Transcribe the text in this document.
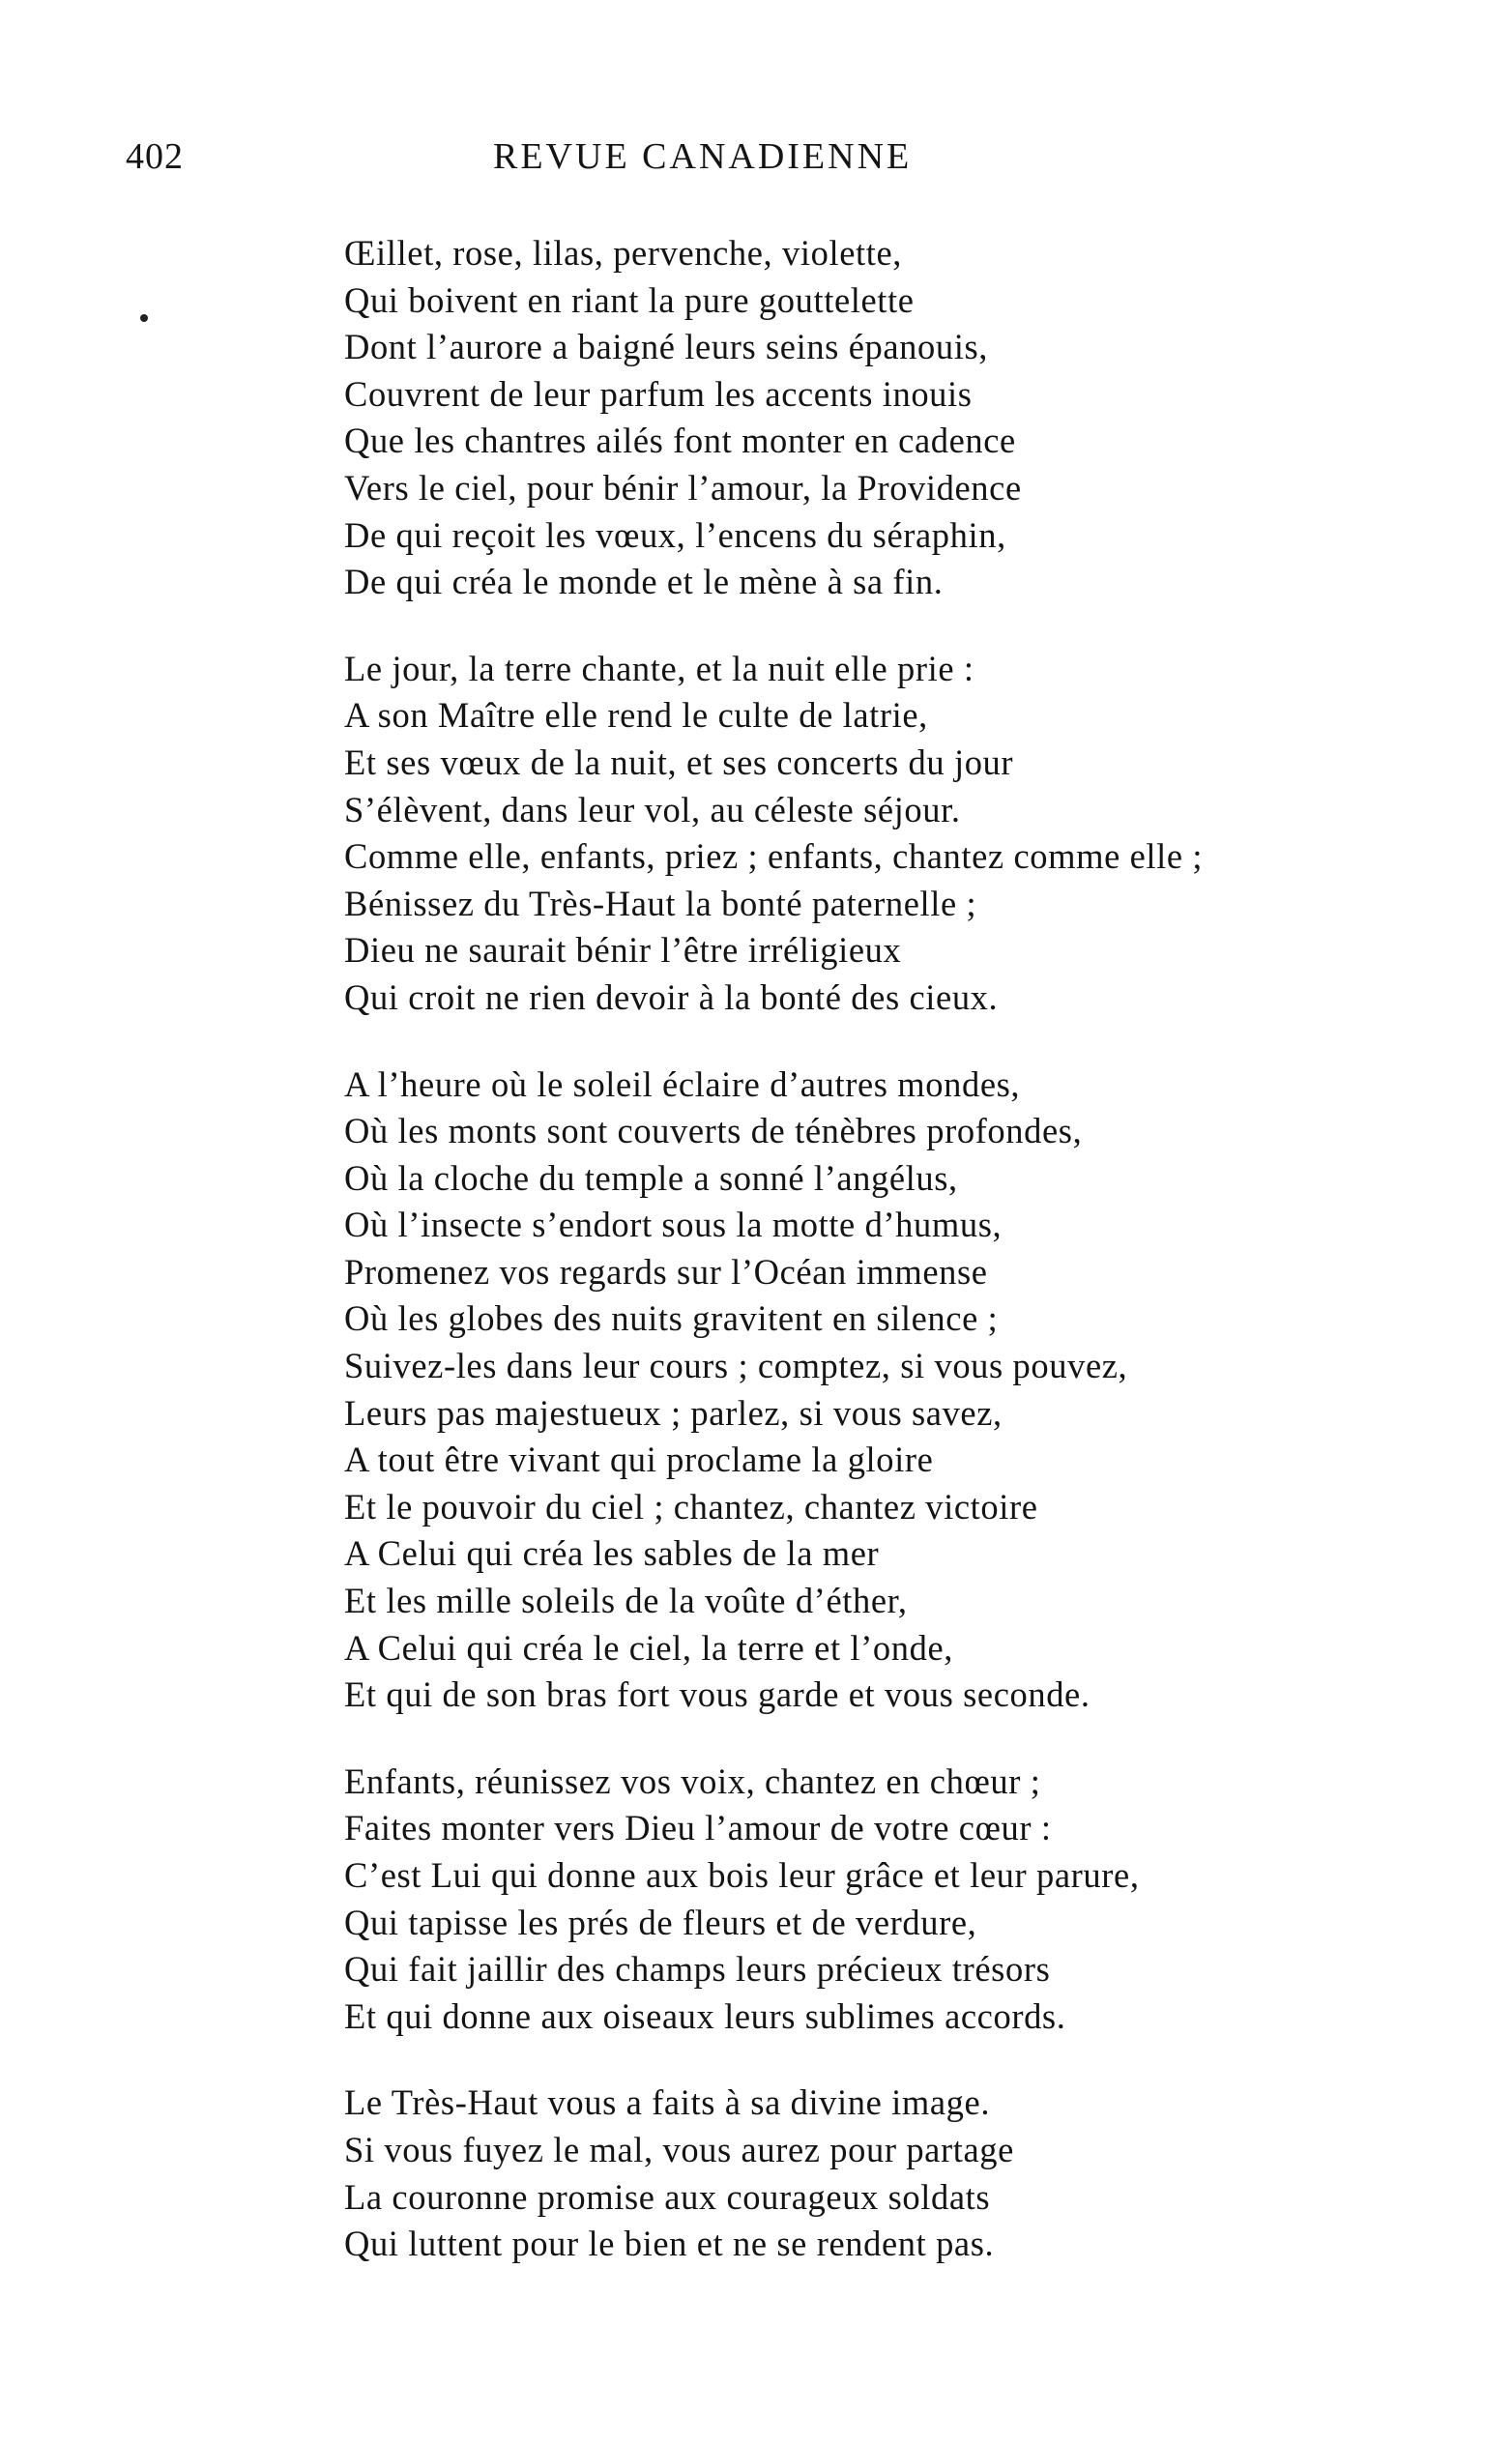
402	REVUE CANADIENNE
Œillet, rose, lilas, pervenche, violette,
Qui boivent en riant la pure gouttelette
Dont l’aurore a baigné leurs seins épanouis,
Couvrent de leur parfum les accents inouis
Que les chantres ailés font monter en cadence
Vers le ciel, pour bénir l’amour, la Providence
De qui reçoit les vœux, l’encens du séraphin,
De qui créa le monde et le mène à sa fin.
Le jour, la terre chante, et la nuit elle prie :
A son Maître elle rend le culte de latrie,
Et ses vœux de la nuit, et ses concerts du jour
S’élèvent, dans leur vol, au céleste séjour.
Comme elle, enfants, priez ; enfants, chantez comme elle ;
Bénissez du Très-Haut la bonté paternelle ;
Dieu ne saurait bénir l’être irréligieux
Qui croit ne rien devoir à la bonté des cieux.
A l’heure où le soleil éclaire d’autres mondes,
Où les monts sont couverts de ténèbres profondes,
Où la cloche du temple a sonné l’angélus,
Où l’insecte s’endort sous la motte d’humus,
Promenez vos regards sur l’Océan immense
Où les globes des nuits gravitent en silence ;
Suivez-les dans leur cours ; comptez, si vous pouvez,
Leurs pas majestueux ; parlez, si vous savez,
A tout être vivant qui proclame la gloire
Et le pouvoir du ciel ; chantez, chantez victoire
A Celui qui créa les sables de la mer
Et les mille soleils de la voûte d’éther,
A Celui qui créa le ciel, la terre et l’onde,
Et qui de son bras fort vous garde et vous seconde.
Enfants, réunissez vos voix, chantez en chœur ;
Faites monter vers Dieu l’amour de votre cœur :
C’est Lui qui donne aux bois leur grâce et leur parure,
Qui tapisse les prés de fleurs et de verdure,
Qui fait jaillir des champs leurs précieux trésors
Et qui donne aux oiseaux leurs sublimes accords.
Le Très-Haut vous a faits à sa divine image.
Si vous fuyez le mal, vous aurez pour partage
La couronne promise aux courageux soldats
Qui luttent pour le bien et ne se rendent pas.
